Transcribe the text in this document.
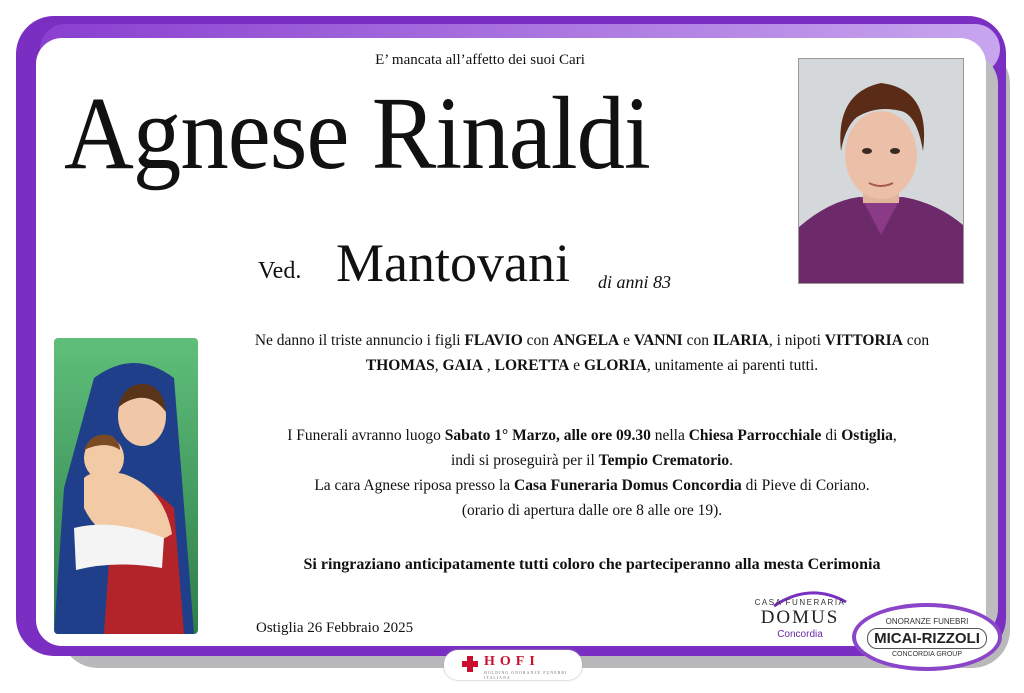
E’ mancata all’affetto dei suoi Cari
Agnese Rinaldi
Ved. Mantovani di anni 83
Ne danno il triste annuncio i figli FLAVIO con ANGELA e VANNI con ILARIA, i nipoti VITTORIA con
THOMAS, GAIA , LORETTA e GLORIA, unitamente ai parenti tutti.
I Funerali avranno luogo Sabato 1° Marzo, alle ore 09.30 nella Chiesa Parrocchiale di Ostiglia,
indi si proseguirà per il Tempio Crematorio.
La cara Agnese riposa presso la Casa Funeraria Domus Concordia di Pieve di Coriano.
(orario di apertura dalle ore 8 alle ore 19).
Si ringraziano anticipatamente tutti coloro che parteciperanno alla mesta Cerimonia
Ostiglia 26 Febbraio 2025
CASA FUNERARIA
DOMUS
Concordia
ONORANZE FUNEBRI
MICAI-RIZZOLI
CONCORDIA GROUP
HOFI
HOLDING ONORANZE FUNEBRI ITALIANA
